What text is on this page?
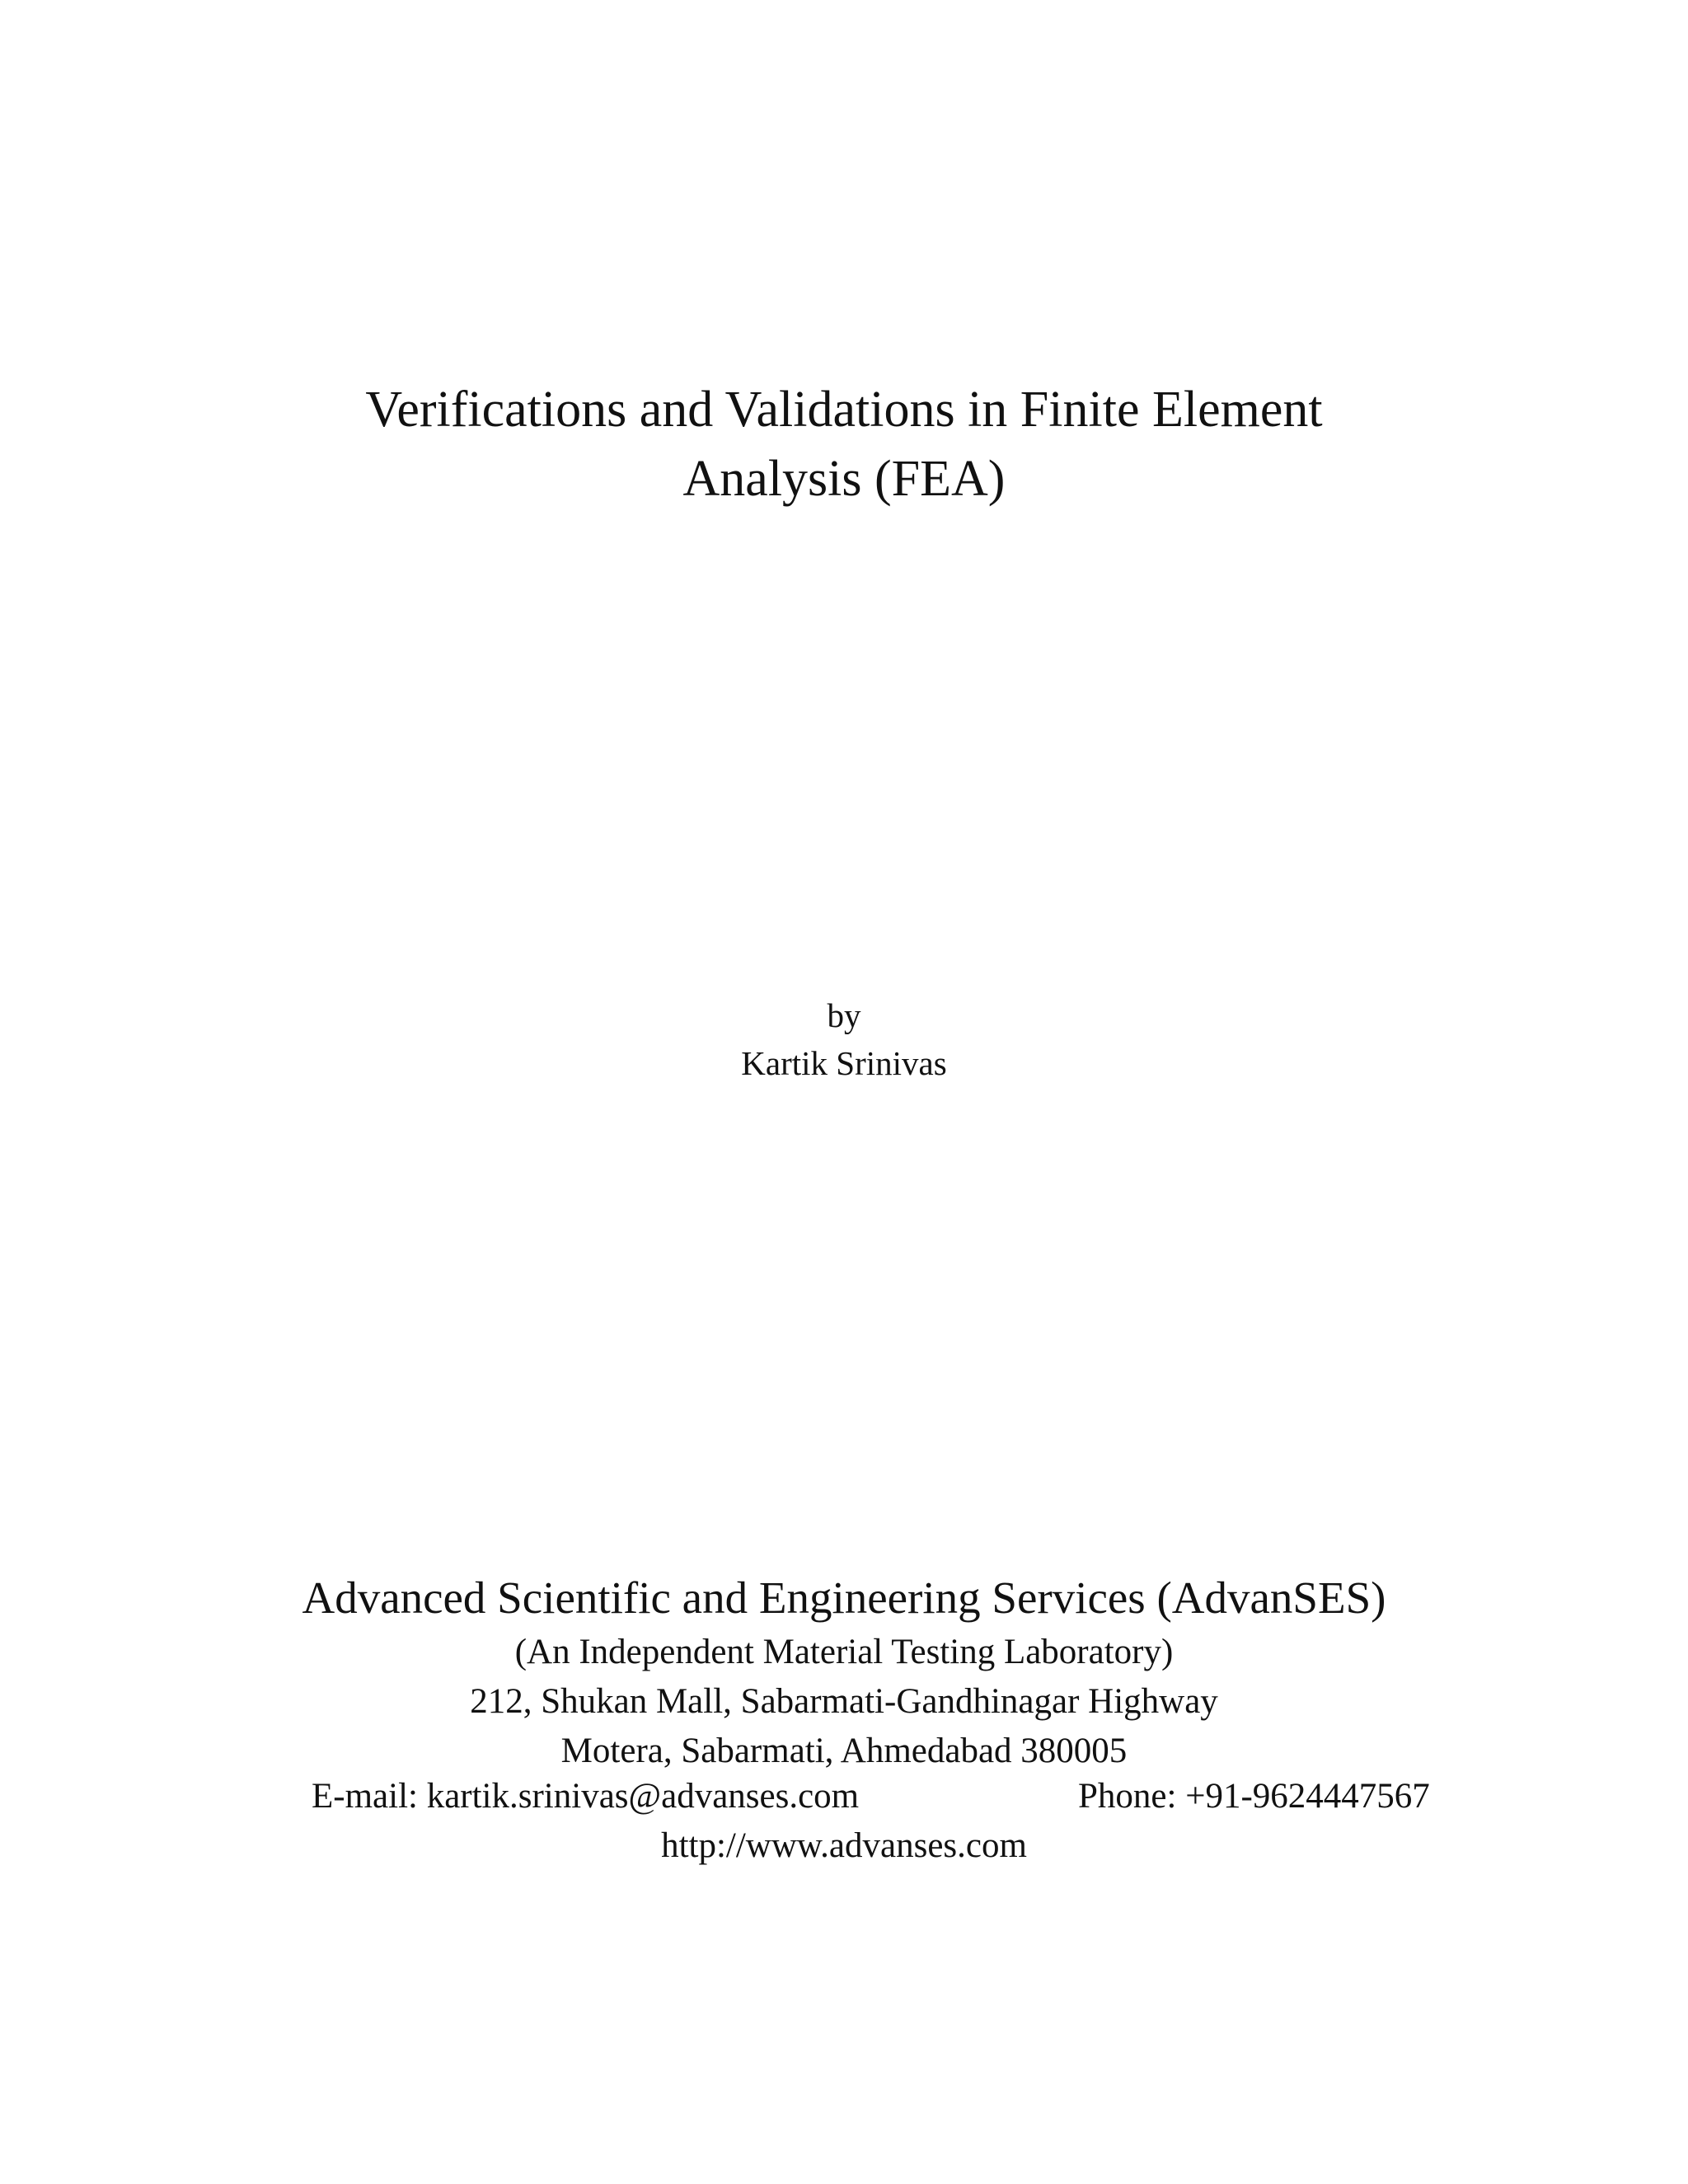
Verifications and Validations in Finite Element
Analysis (FEA)
by
Kartik Srinivas
Advanced Scientific and Engineering Services (AdvanSES)
(An Independent Material Testing Laboratory)
212, Shukan Mall, Sabarmati-Gandhinagar Highway
Motera, Sabarmati, Ahmedabad 380005
E-mail: kartik.srinivas@advanses.com	Phone: +91-9624447567
http://www.advanses.com
